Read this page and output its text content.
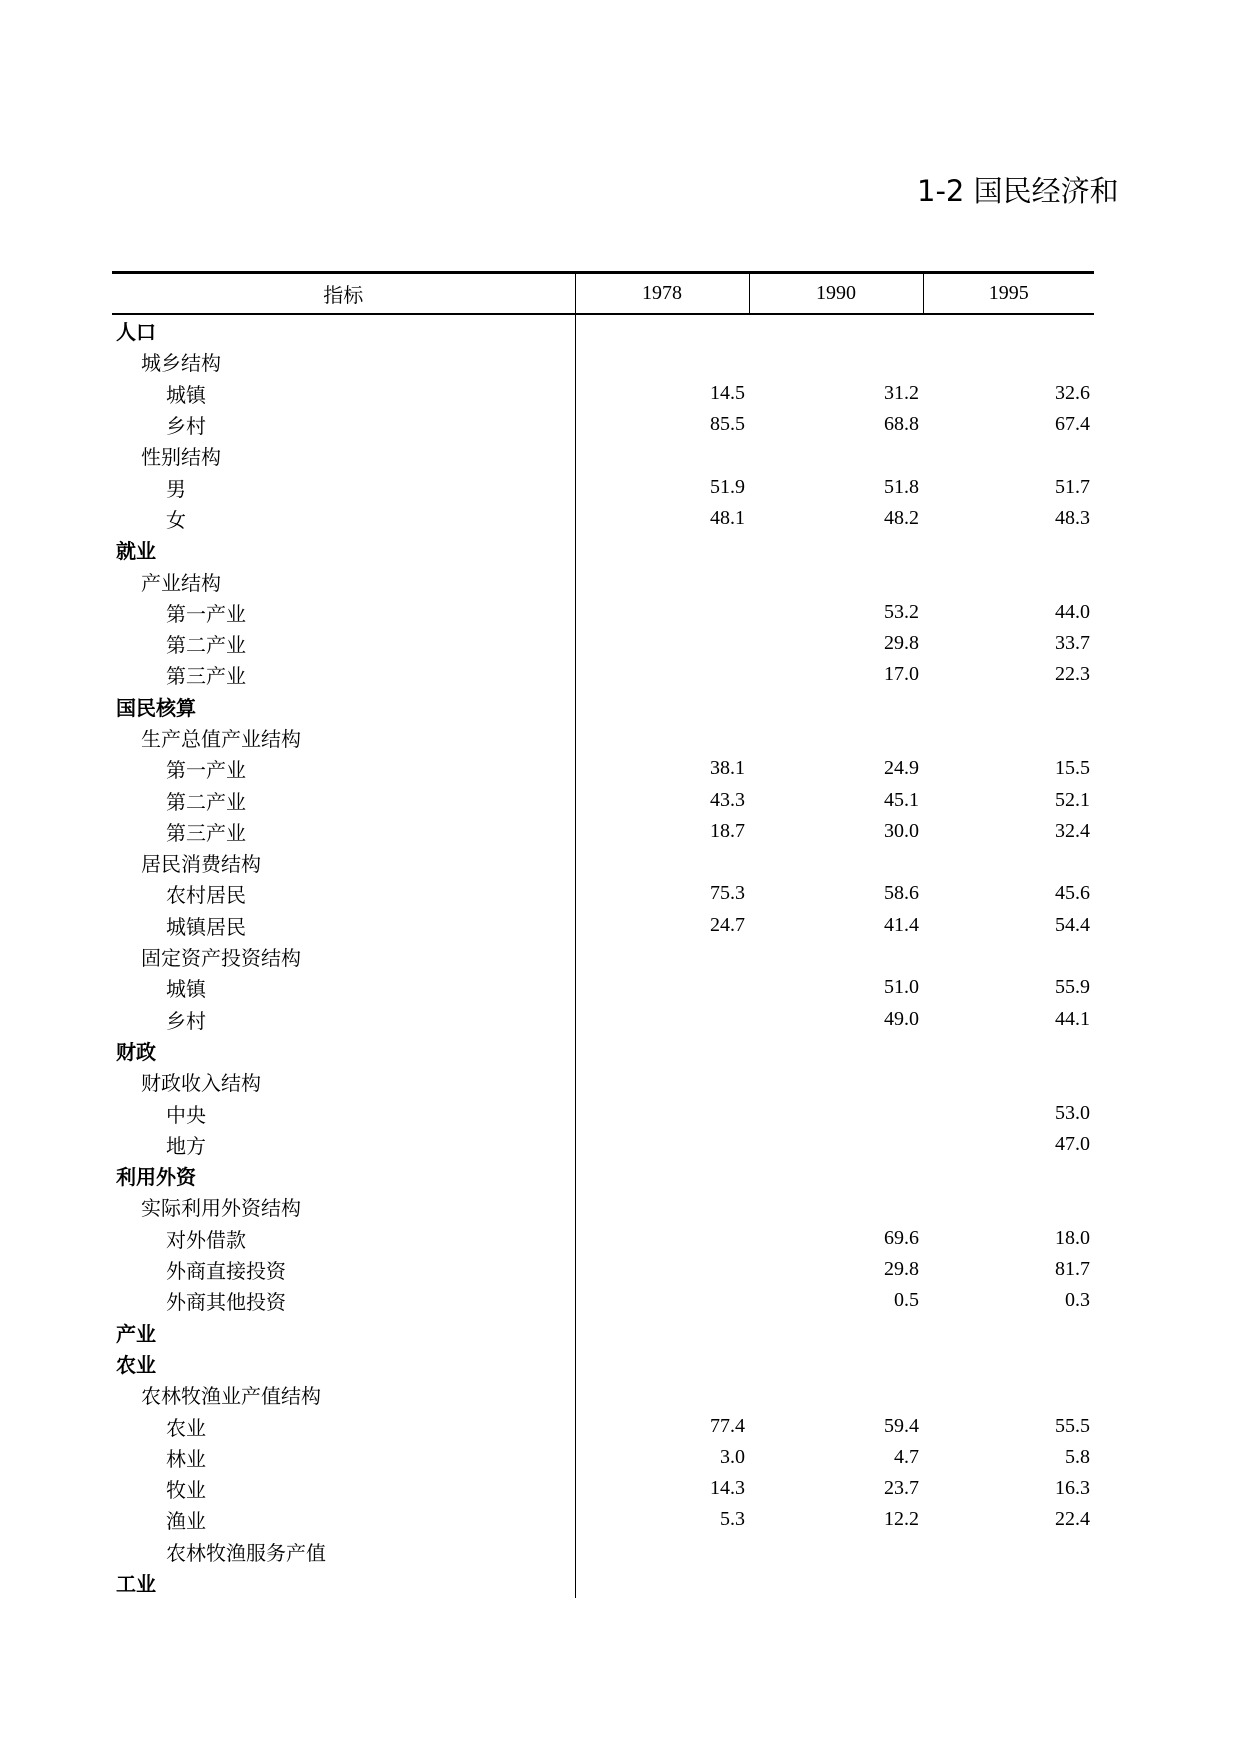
1-2 国民经济和
指标	1978	1990	1995
人口			
城乡结构			
城镇	14.5	31.2	32.6
乡村	85.5	68.8	67.4
性别结构			
男	51.9	51.8	51.7
女	48.1	48.2	48.3
就业			
产业结构			
第一产业		53.2	44.0
第二产业		29.8	33.7
第三产业		17.0	22.3
国民核算			
生产总值产业结构			
第一产业	38.1	24.9	15.5
第二产业	43.3	45.1	52.1
第三产业	18.7	30.0	32.4
居民消费结构			
农村居民	75.3	58.6	45.6
城镇居民	24.7	41.4	54.4
固定资产投资结构			
城镇		51.0	55.9
乡村		49.0	44.1
财政			
财政收入结构			
中央			53.0
地方			47.0
利用外资			
实际利用外资结构			
对外借款		69.6	18.0
外商直接投资		29.8	81.7
外商其他投资		0.5	0.3
产业			
农业			
农林牧渔业产值结构			
农业	77.4	59.4	55.5
林业	3.0	4.7	5.8
牧业	14.3	23.7	16.3
渔业	5.3	12.2	22.4
农林牧渔服务产值			
工业			
